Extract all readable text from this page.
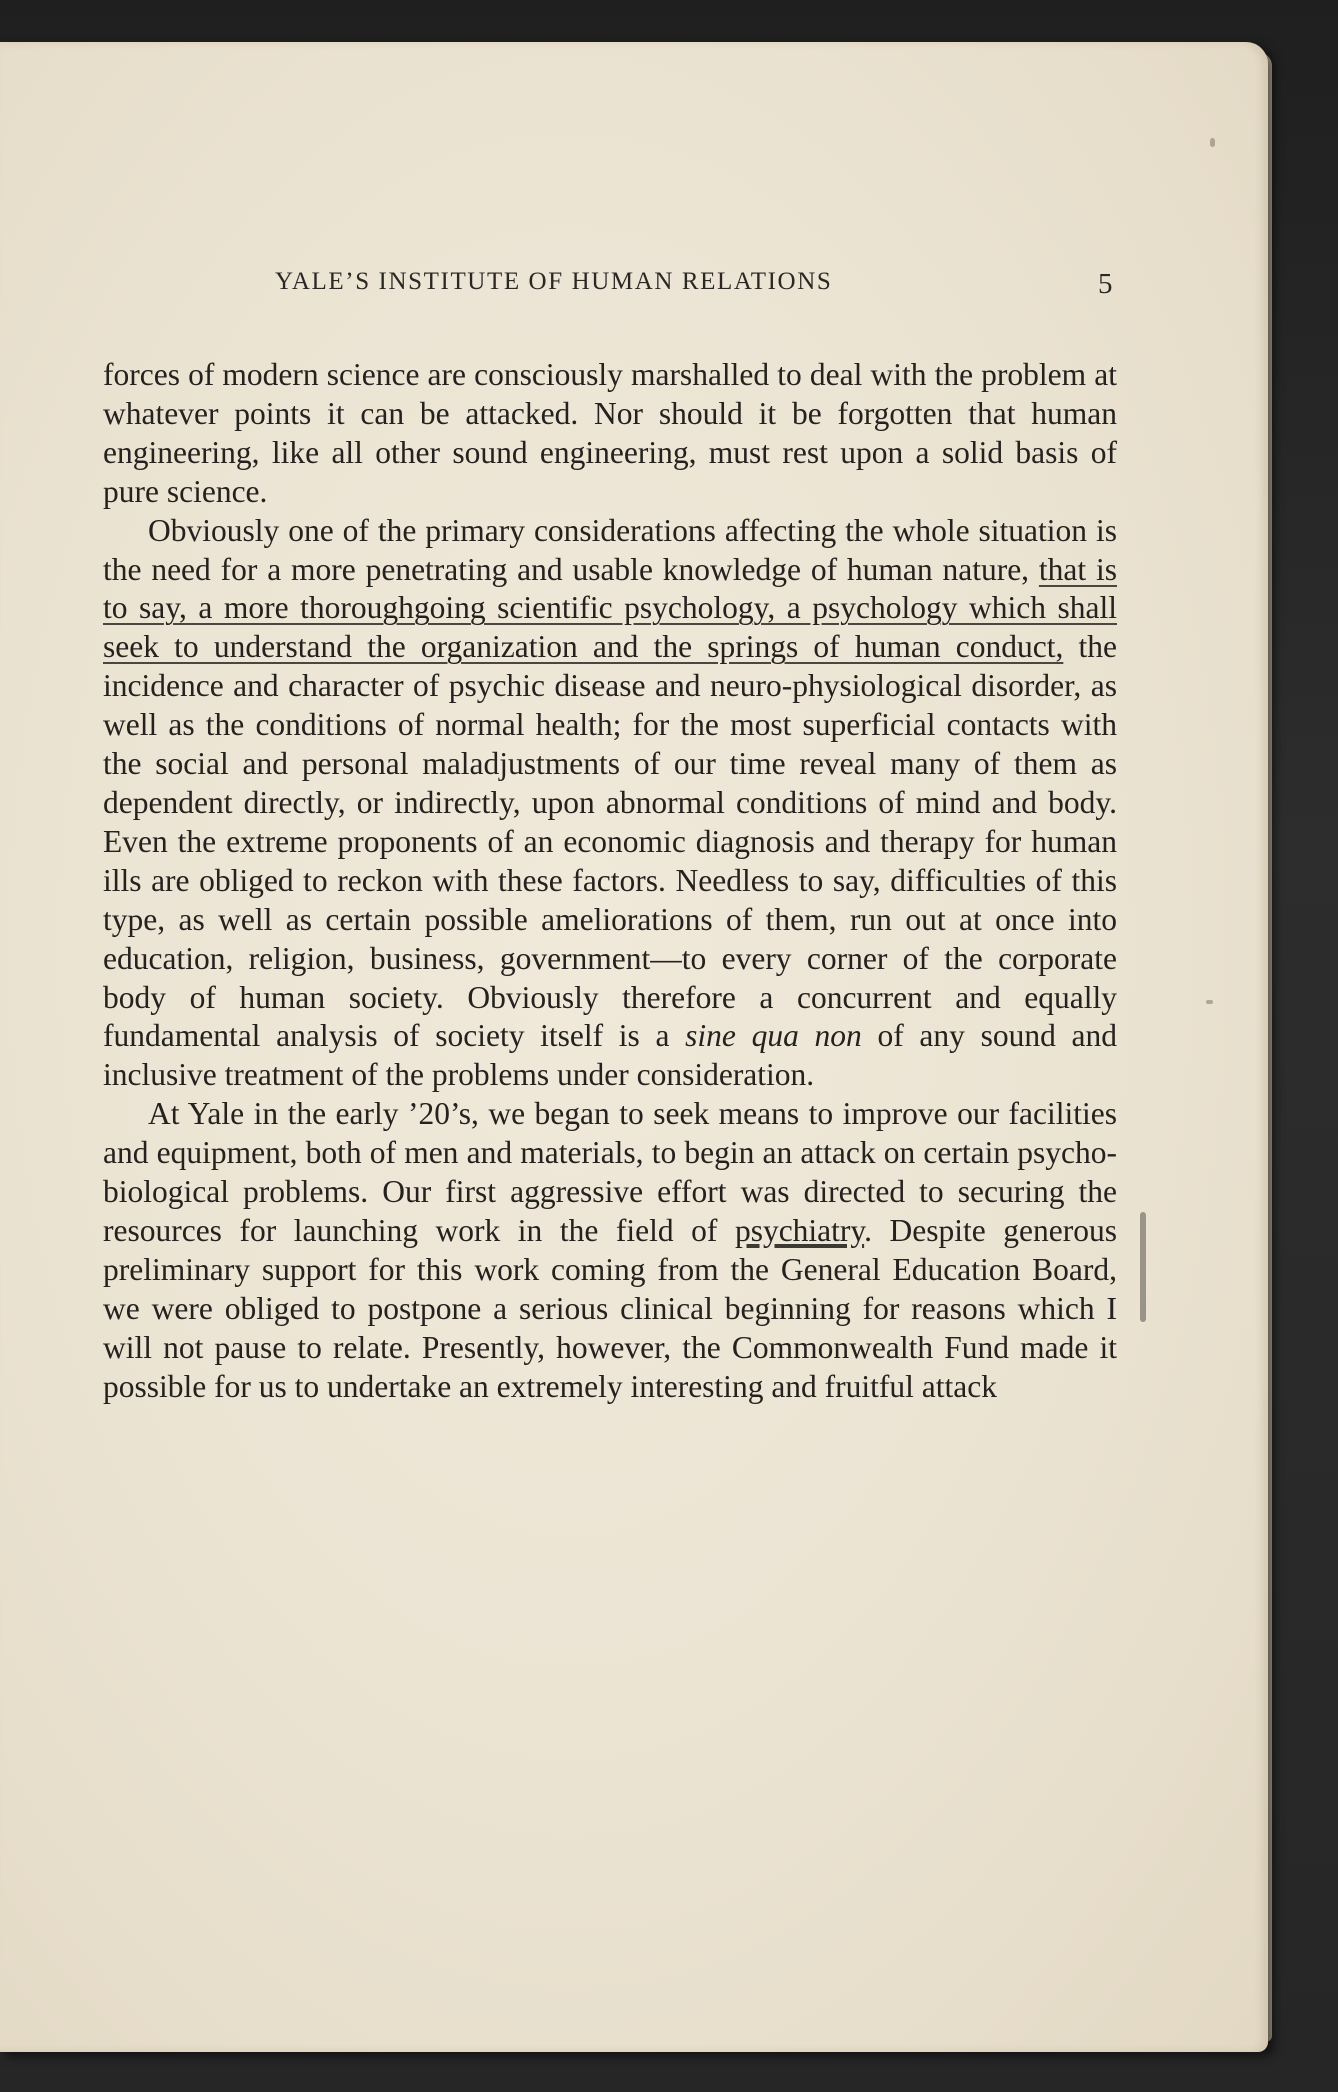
YALE’S INSTITUTE OF HUMAN RELATIONS	5

forces of modern science are consciously marshalled to deal with the problem at whatever points it can be attacked. Nor should it be forgotten that human engineering, like all other sound engineering, must rest upon a solid basis of pure science.

Obviously one of the primary considerations affecting the whole situation is the need for a more penetrating and usable knowledge of human nature, that is to say, a more thoroughgoing scientific psychology, a psychology which shall seek to understand the organization and the springs of human conduct, the incidence and character of psychic disease and neuro-physiological disorder, as well as the conditions of normal health; for the most superficial contacts with the social and personal maladjustments of our time reveal many of them as dependent directly, or indirectly, upon abnormal conditions of mind and body. Even the extreme proponents of an economic diagnosis and therapy for human ills are obliged to reckon with these factors. Needless to say, difficulties of this type, as well as certain possible ameliorations of them, run out at once into education, religion, business, government—to every corner of the corporate body of human society. Obviously therefore a concurrent and equally fundamental analysis of society itself is a sine qua non of any sound and inclusive treatment of the problems under consideration.

At Yale in the early ’20’s, we began to seek means to improve our facilities and equipment, both of men and materials, to begin an attack on certain psycho-biological problems. Our first aggressive effort was directed to securing the resources for launching work in the field of psychiatry. Despite generous preliminary support for this work coming from the General Education Board, we were obliged to postpone a serious clinical beginning for reasons which I will not pause to relate. Presently, however, the Commonwealth Fund made it possible for us to undertake an extremely interesting and fruitful attack
